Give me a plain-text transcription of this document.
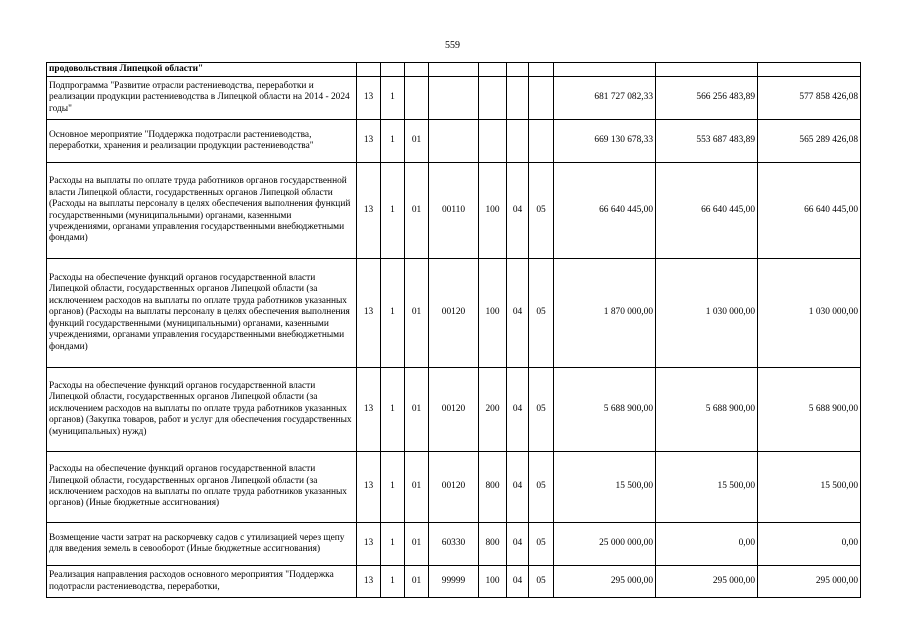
559
продовольствия Липецкой области"										
Подпрограмма "Развитие отрасли растениеводства, переработки и реализации продукции растениеводства в Липецкой области на 2014 - 2024 годы"	13	1						681 727 082,33	566 256 483,89	577 858 426,08
Основное мероприятие "Поддержка подотрасли растениеводства, переработки, хранения и реализации продукции растениеводства"	13	1	01					669 130 678,33	553 687 483,89	565 289 426,08
Расходы на выплаты по оплате труда работников органов государственной власти Липецкой области, государственных органов Липецкой области (Расходы на выплаты персоналу в целях обеспечения выполнения функций государственными (муниципальными) органами, казенными учреждениями, органами управления государственными внебюджетными фондами)	13	1	01	00110	100	04	05	66 640 445,00	66 640 445,00	66 640 445,00
Расходы на обеспечение функций органов государственной власти Липецкой области, государственных органов Липецкой области (за исключением расходов на выплаты по оплате труда работников указанных органов) (Расходы на выплаты персоналу в целях обеспечения выполнения функций государственными (муниципальными) органами, казенными учреждениями, органами управления государственными внебюджетными фондами)	13	1	01	00120	100	04	05	1 870 000,00	1 030 000,00	1 030 000,00
Расходы на обеспечение функций органов государственной власти Липецкой области, государственных органов Липецкой области (за исключением расходов на выплаты по оплате труда работников указанных органов) (Закупка товаров, работ и услуг для обеспечения государственных (муниципальных) нужд)	13	1	01	00120	200	04	05	5 688 900,00	5 688 900,00	5 688 900,00
Расходы на обеспечение функций органов государственной власти Липецкой области, государственных органов Липецкой области (за исключением расходов на выплаты по оплате труда работников указанных органов) (Иные бюджетные ассигнования)	13	1	01	00120	800	04	05	15 500,00	15 500,00	15 500,00
Возмещение части затрат на раскорчевку садов с утилизацией через щепу для введения земель в севооборот (Иные бюджетные ассигнования)	13	1	01	60330	800	04	05	25 000 000,00	0,00	0,00
Реализация направления расходов основного мероприятия "Поддержка подотрасли растениеводства, переработки,	13	1	01	99999	100	04	05	295 000,00	295 000,00	295 000,00
